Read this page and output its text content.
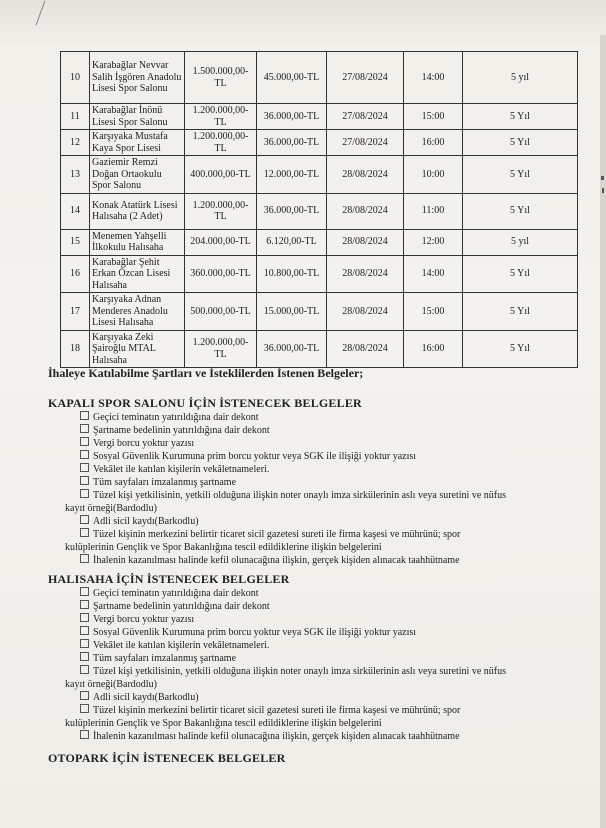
10	Karabağlar Nevvar Salih İşgören Anadolu Lisesi Spor Salonu	1.500.000,00-TL	45.000,00-TL	27/08/2024	14:00	5 yıl
11	Karabağlar İnönü Lisesi Spor Salonu	1.200.000,00-TL	36.000,00-TL	27/08/2024	15:00	5 Yıl
12	Karşıyaka Mustafa Kaya Spor Lisesi	1.200.000,00-TL	36.000,00-TL	27/08/2024	16:00	5 Yıl
13	Gaziemir Remzi Doğan Ortaokulu Spor Salonu	400.000,00-TL	12.000,00-TL	28/08/2024	10:00	5 Yıl
14	Konak Atatürk Lisesi Halısaha (2 Adet)	1.200.000,00-TL	36.000,00-TL	28/08/2024	11:00	5 Yıl
15	Menemen Yahşelli İlkokulu Halısaha	204.000,00-TL	6.120,00-TL	28/08/2024	12:00	5 yıl
16	Karabağlar Şehit Erkan Özcan Lisesi Halısaha	360.000,00-TL	10.800,00-TL	28/08/2024	14:00	5 Yıl
17	Karşıyaka Adnan Menderes Anadolu Lisesi Halısaha	500.000,00-TL	15.000,00-TL	28/08/2024	15:00	5 Yıl
18	Karşıyaka Zeki Şairoğlu MTAL Halısaha	1.200.000,00-TL	36.000,00-TL	28/08/2024	16:00	5 Yıl
İhaleye Katılabilme Şartları ve İsteklilerden İstenen Belgeler;
KAPALI SPOR SALONU İÇİN İSTENECEK BELGELER
Geçici teminatın yatırıldığına dair dekont
Şartname bedelinin yatırıldığına dair dekont
Vergi borcu yoktur yazısı
Sosyal Güvenlik Kurumuna prim borcu yoktur veya SGK ile ilişiği yoktur yazısı
Vekâlet ile katılan kişilerin vekâletnameleri.
Tüm sayfaları imzalanmış şartname
Tüzel kişi yetkilisinin, yetkili olduğuna ilişkin noter onaylı imza sirkülerinin aslı veya suretini ve nüfus
kayıt örneği(Bardodlu)
Adli sicil kaydı(Barkodlu)
Tüzel kişinin merkezini belirtir ticaret sicil gazetesi sureti ile firma kaşesi ve mührünü; spor
kulüplerinin Gençlik ve Spor Bakanlığına tescil edildiklerine ilişkin belgelerini
İhalenin kazanılması halinde kefil olunacağına ilişkin, gerçek kişiden alınacak taahhütname
HALISAHA İÇİN İSTENECEK BELGELER
Geçici teminatın yatırıldığına dair dekont
Şartname bedelinin yatırıldığına dair dekont
Vergi borcu yoktur yazısı
Sosyal Güvenlik Kurumuna prim borcu yoktur veya SGK ile ilişiği yoktur yazısı
Vekâlet ile katılan kişilerin vekâletnameleri.
Tüm sayfaları imzalanmış şartname
Tüzel kişi yetkilisinin, yetkili olduğuna ilişkin noter onaylı imza sirkülerinin aslı veya suretini ve nüfus
kayıt örneği(Bardodlu)
Adli sicil kaydı(Barkodlu)
Tüzel kişinin merkezini belirtir ticaret sicil gazetesi sureti ile firma kaşesi ve mührünü; spor
kulüplerinin Gençlik ve Spor Bakanlığına tescil edildiklerine ilişkin belgelerini
İhalenin kazanılması halinde kefil olunacağına ilişkin, gerçek kişiden alınacak taahhütname
OTOPARK İÇİN İSTENECEK BELGELER
